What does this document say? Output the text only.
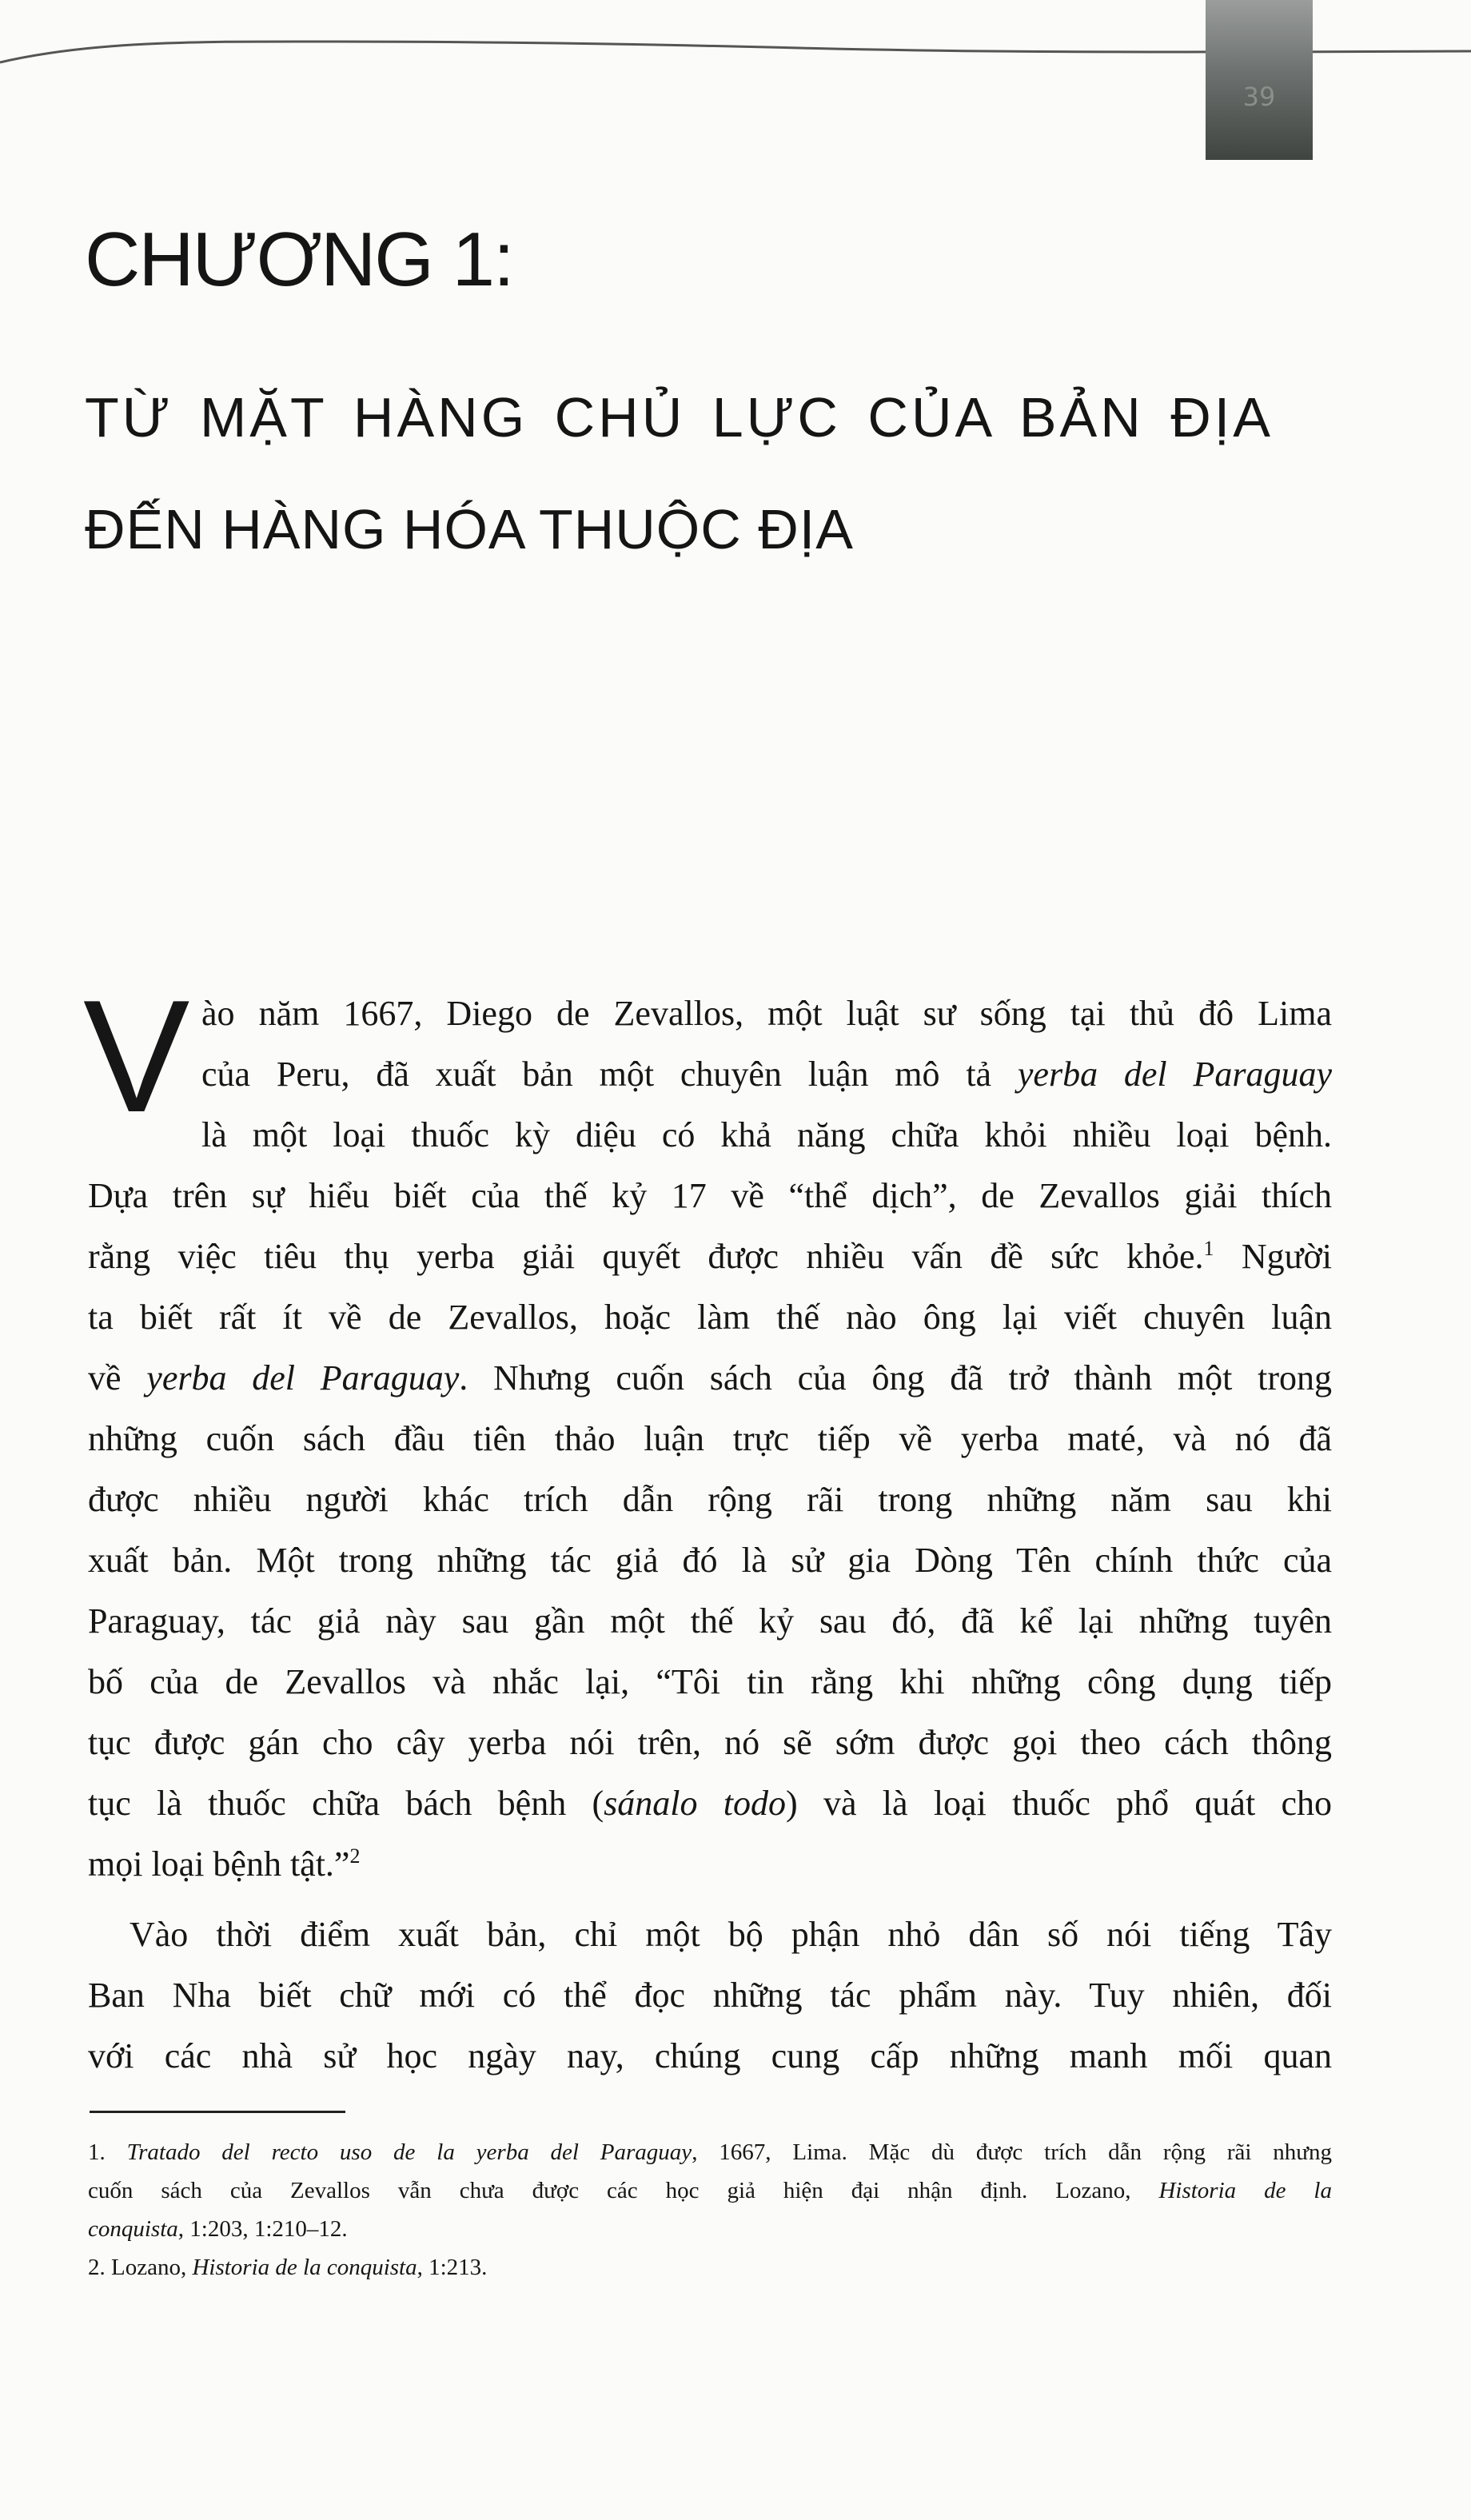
39
CHƯƠNG 1:
TỪ MẶT HÀNG CHỦ LỰC CỦA BẢN ĐỊA
ĐẾN HÀNG HÓA THUỘC ĐỊA
V ào năm 1667, Diego de Zevallos, một luật sư sống tại thủ đô Lima
của Peru, đã xuất bản một chuyên luận mô tả yerba del Paraguay
là một loại thuốc kỳ diệu có khả năng chữa khỏi nhiều loại bệnh.
Dựa trên sự hiểu biết của thế kỷ 17 về “thể dịch”, de Zevallos giải thích
rằng việc tiêu thụ yerba giải quyết được nhiều vấn đề sức khỏe.$^1$ Người
ta biết rất ít về de Zevallos, hoặc làm thế nào ông lại viết chuyên luận
về yerba del Paraguay. Nhưng cuốn sách của ông đã trở thành một trong
những cuốn sách đầu tiên thảo luận trực tiếp về yerba maté, và nó đã
được nhiều người khác trích dẫn rộng rãi trong những năm sau khi
xuất bản. Một trong những tác giả đó là sử gia Dòng Tên chính thức của
Paraguay, tác giả này sau gần một thế kỷ sau đó, đã kể lại những tuyên
bố của de Zevallos và nhắc lại, “Tôi tin rằng khi những công dụng tiếp
tục được gán cho cây yerba nói trên, nó sẽ sớm được gọi theo cách thông
tục là thuốc chữa bách bệnh (sánalo todo) và là loại thuốc phổ quát cho
mọi loại bệnh tật.”$^2$
Vào thời điểm xuất bản, chỉ một bộ phận nhỏ dân số nói tiếng Tây
Ban Nha biết chữ mới có thể đọc những tác phẩm này. Tuy nhiên, đối
với các nhà sử học ngày nay, chúng cung cấp những manh mối quan
1. Tratado del recto uso de la yerba del Paraguay, 1667, Lima. Mặc dù được trích dẫn rộng rãi nhưng
cuốn sách của Zevallos vẫn chưa được các học giả hiện đại nhận định. Lozano, Historia de la
conquista, 1:203, 1:210–12.
2. Lozano, Historia de la conquista, 1:213.
